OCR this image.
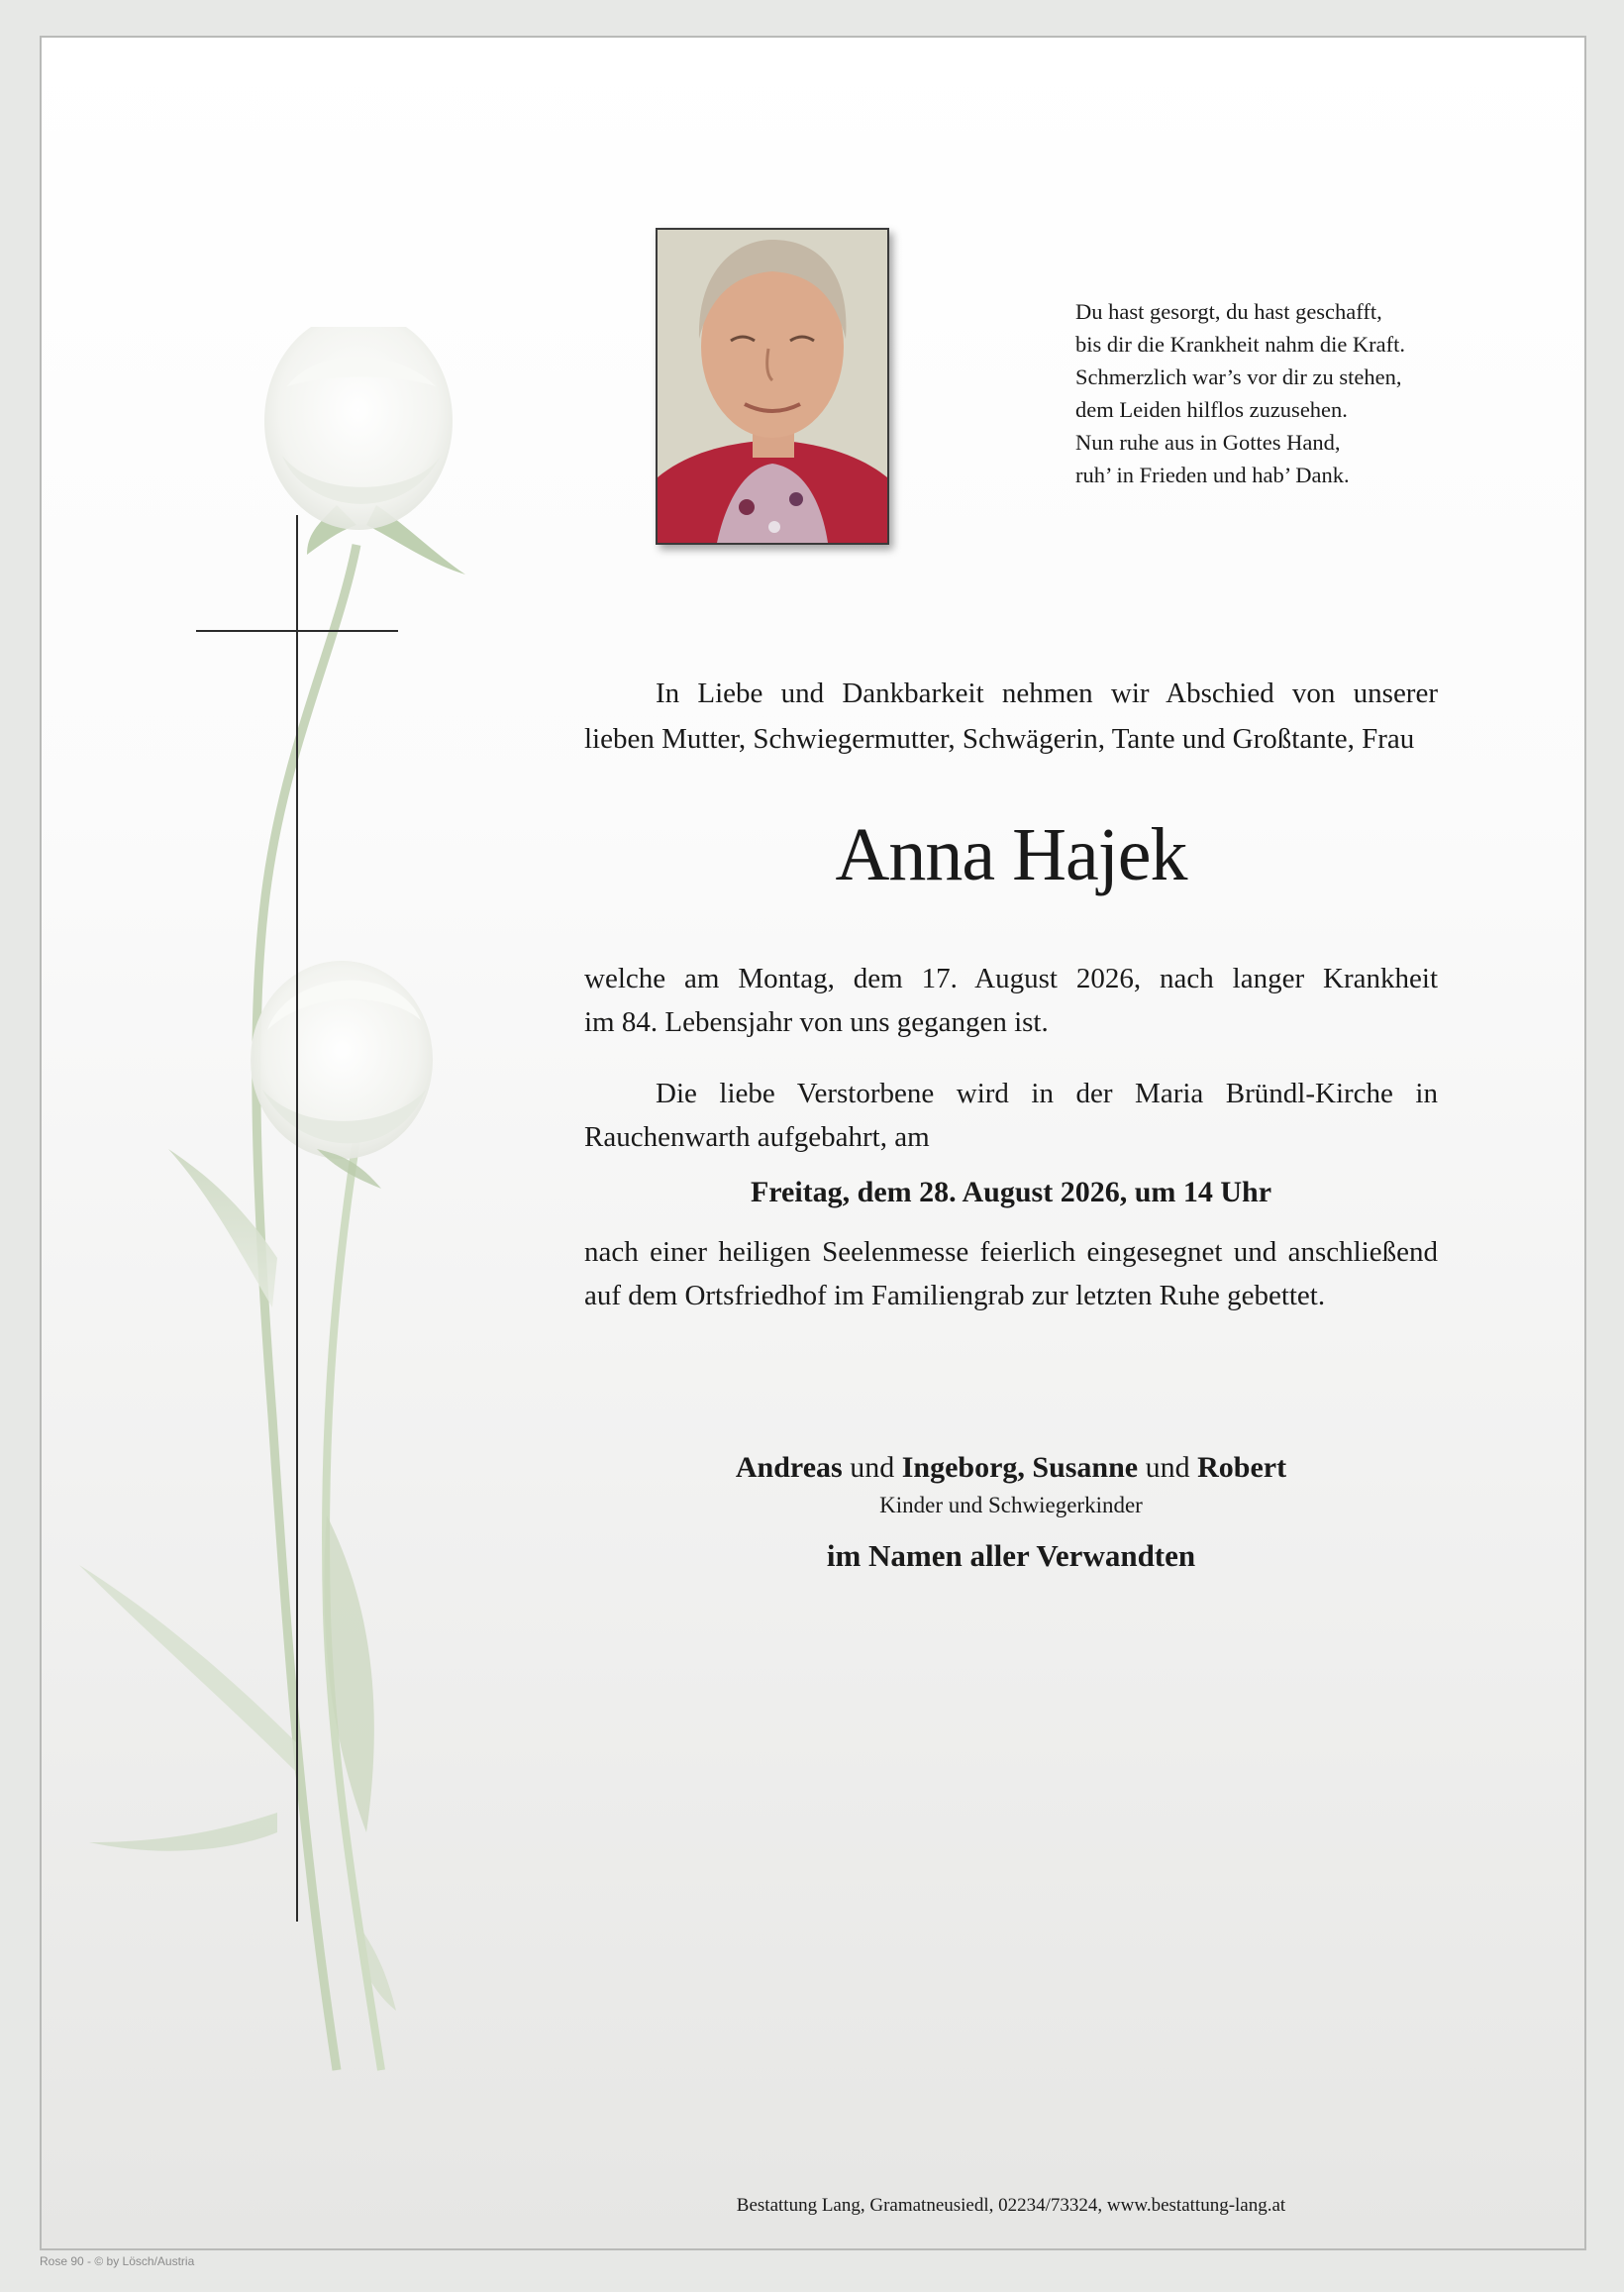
Du hast gesorgt, du hast geschafft,
bis dir die Krankheit nahm die Kraft.
Schmerzlich war’s vor dir zu stehen,
dem Leiden hilflos zuzusehen.
Nun ruhe aus in Gottes Hand,
ruh’ in Frieden und hab’ Dank.
In Liebe und Dankbarkeit nehmen wir Abschied von unserer
lieben Mutter, Schwiegermutter, Schwägerin, Tante und Großtante, Frau
Anna Hajek
welche am Montag, dem 17. August 2026, nach langer Krankheit
im 84. Lebensjahr von uns gegangen ist.
Die liebe Verstorbene wird in der Maria Bründl-Kirche in
Rauchenwarth aufgebahrt, am
Freitag, dem 28. August 2026, um 14 Uhr
nach einer heiligen Seelenmesse feierlich eingesegnet und anschließend
auf dem Ortsfriedhof im Familiengrab zur letzten Ruhe gebettet.
Andreas und Ingeborg, Susanne und Robert
Kinder und Schwiegerkinder
im Namen aller Verwandten
Bestattung Lang, Gramatneusiedl, 02234/73324, www.bestattung-lang.at
Rose 90 - © by Lösch/Austria
